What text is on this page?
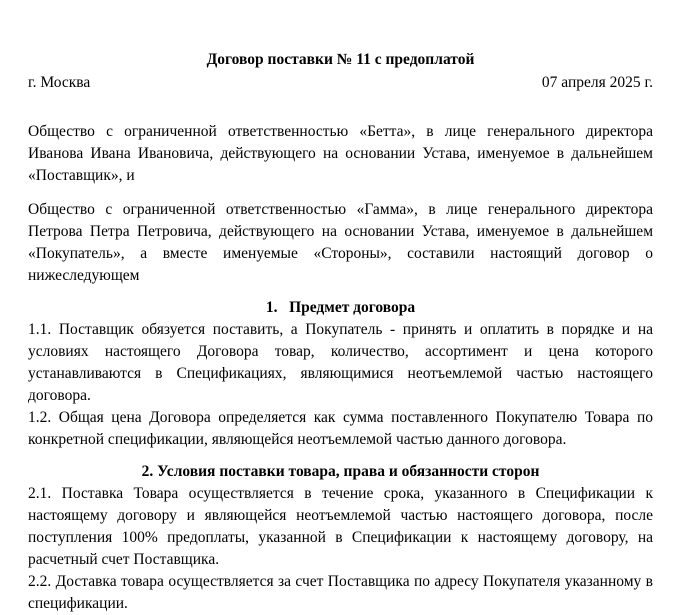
Договор поставки № 11 с предоплатой
г. Москва	07 апреля 2025 г.

Общество с ограниченной ответственностью «Бетта», в лице генерального директора Иванова Ивана Ивановича, действующего на основании Устава, именуемое в дальнейшем «Поставщик», и

Общество с ограниченной ответственностью «Гамма», в лице генерального директора Петрова Петра Петровича, действующего на основании Устава, именуемое в дальнейшем «Покупатель», а вместе именуемые «Стороны», составили настоящий договор о нижеследующем

1.   Предмет договора

1.1. Поставщик обязуется поставить, а Покупатель - принять и оплатить в порядке и на условиях настоящего Договора товар, количество, ассортимент и цена которого устанавливаются в Спецификациях, являющимися неотъемлемой частью настоящего договора.

1.2. Общая цена Договора определяется как сумма поставленного Покупателю Товара по конкретной спецификации, являющейся неотъемлемой частью данного договора.

2. Условия поставки товара, права и обязанности сторон

2.1. Поставка Товара осуществляется в течение срока, указанного в Спецификации к настоящему договору и являющейся неотъемлемой частью настоящего договора, после поступления 100% предоплаты, указанной в Спецификации к настоящему договору, на расчетный счет Поставщика.

2.2. Доставка товара осуществляется за счет Поставщика по адресу Покупателя указанному в спецификации.
